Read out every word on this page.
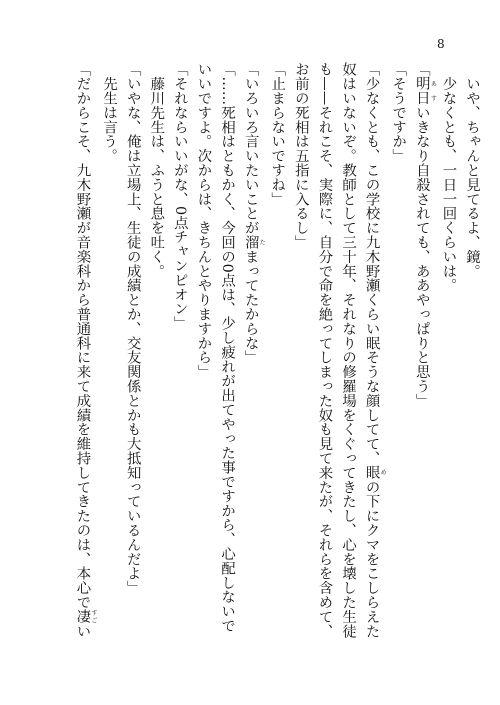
8
　いや、ちゃんと見てるよ、鏡。
　少なくとも、一日一回くらいは。
「明日 あすいきなり自殺されても、ああやっぱりと思う」
「そうですか」
「少なくとも、この学校に九木野瀬くらい眠そうな顔してて、眼 めの下にクマをこしらえた
奴はいないぞ。教師として三十年、それなりの修羅場をくぐってきたし、心を壊した生徒
も——それこそ、実際に、自分で命を絶ってしまった奴も見て来たが、それらを含めて、
お前の死相は五指に入るし」
「止まらないですね」
「いろいろ言いたいことが溜 たまってたからな」
「……死相はともかく、今回の0点は、少し疲れが出てやった事ですから、心配しないで
いいですよ。次からは、きちんとやりますから」
「それならいいがな、0点チャンピオン」
　藤川先生は、ふうと息を吐く。
「いやな、俺は立場上、生徒の成績とか、交友関係とかも大抵知っているんだよ」
　先生は言う。
「だからこそ、九木野瀬が音楽科から普通科に来て成績を維持してきたのは、本心で凄 すごい
